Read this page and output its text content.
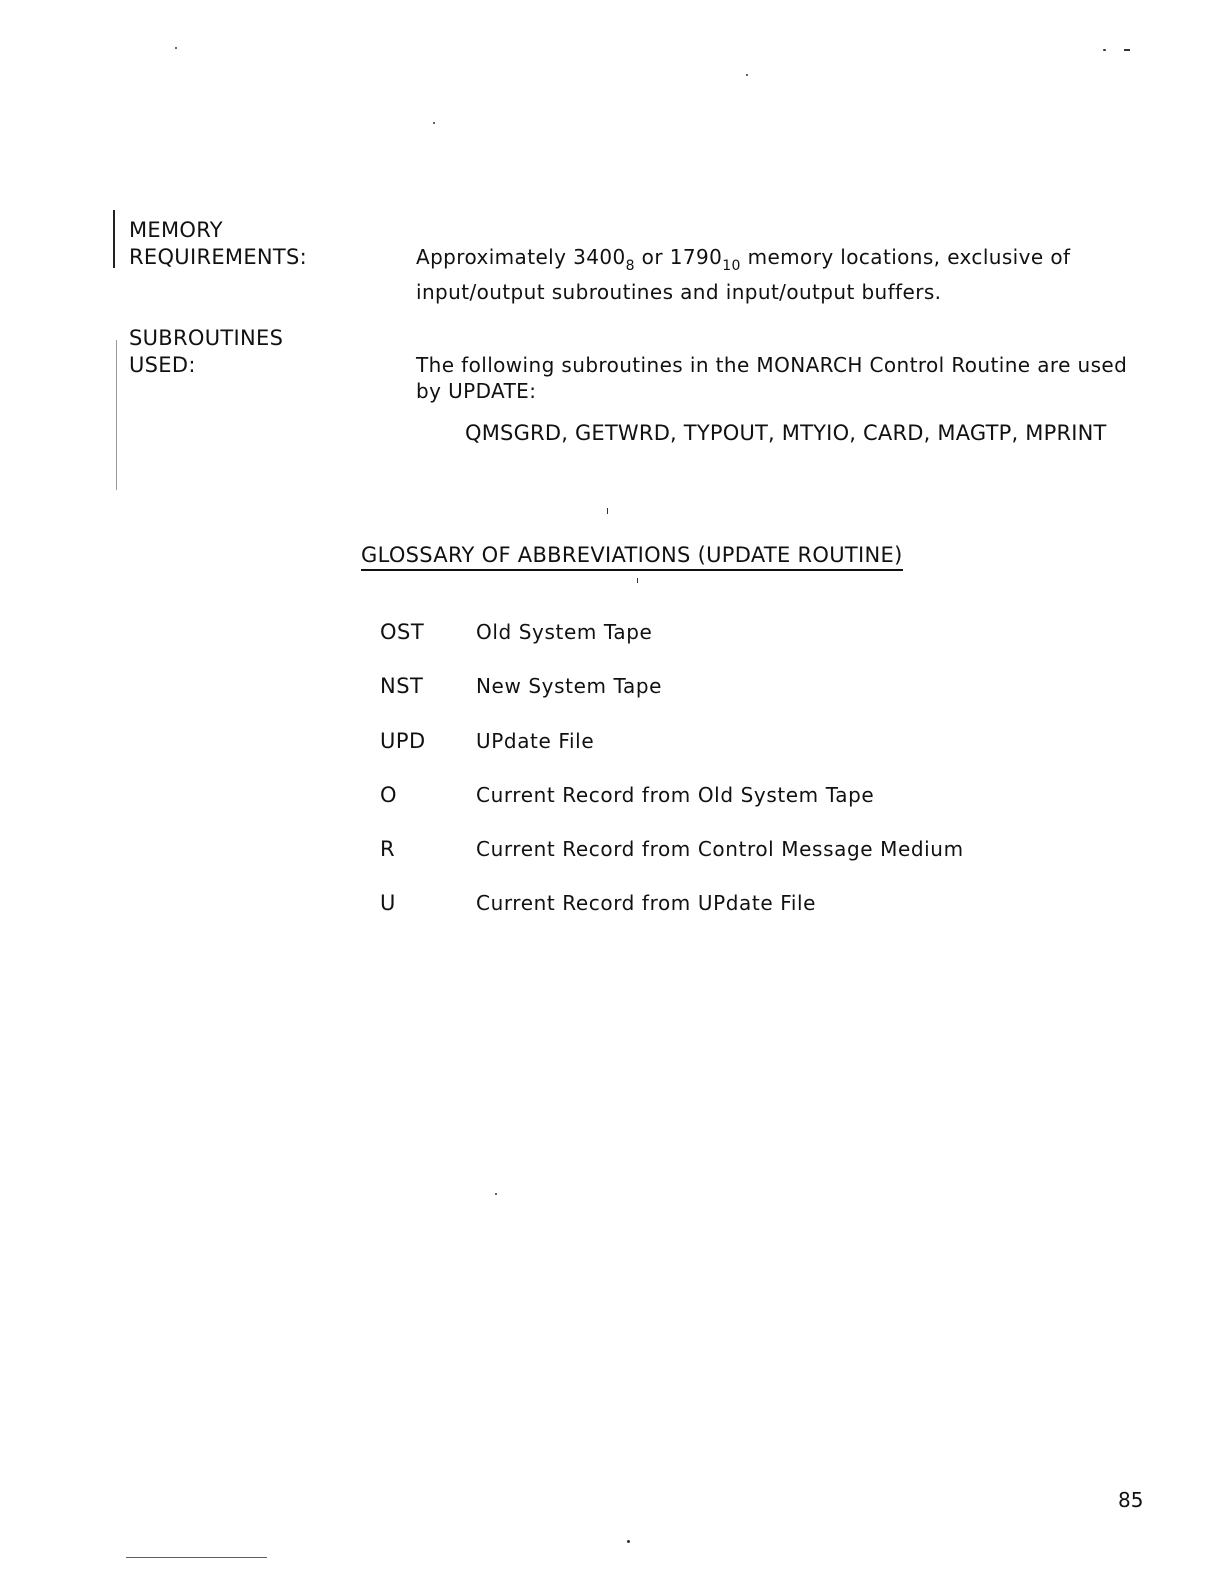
MEMORY
REQUIREMENTS:	Approximately $3400_8$ or $1790_{10}$ memory locations, exclusive of
input/output subroutines and input/output buffers.
SUBROUTINES
USED:	The following subroutines in the MONARCH Control Routine are used
by UPDATE:
QMSGRD, GETWRD, TYPOUT, MTYIO, CARD, MAGTP, MPRINT
GLOSSARY OF ABBREVIATIONS (UPDATE ROUTINE)
OST	Old System Tape
NST	New System Tape
UPD	UPdate File
O	Current Record from Old System Tape
R	Current Record from Control Message Medium
U	Current Record from UPdate File
85
